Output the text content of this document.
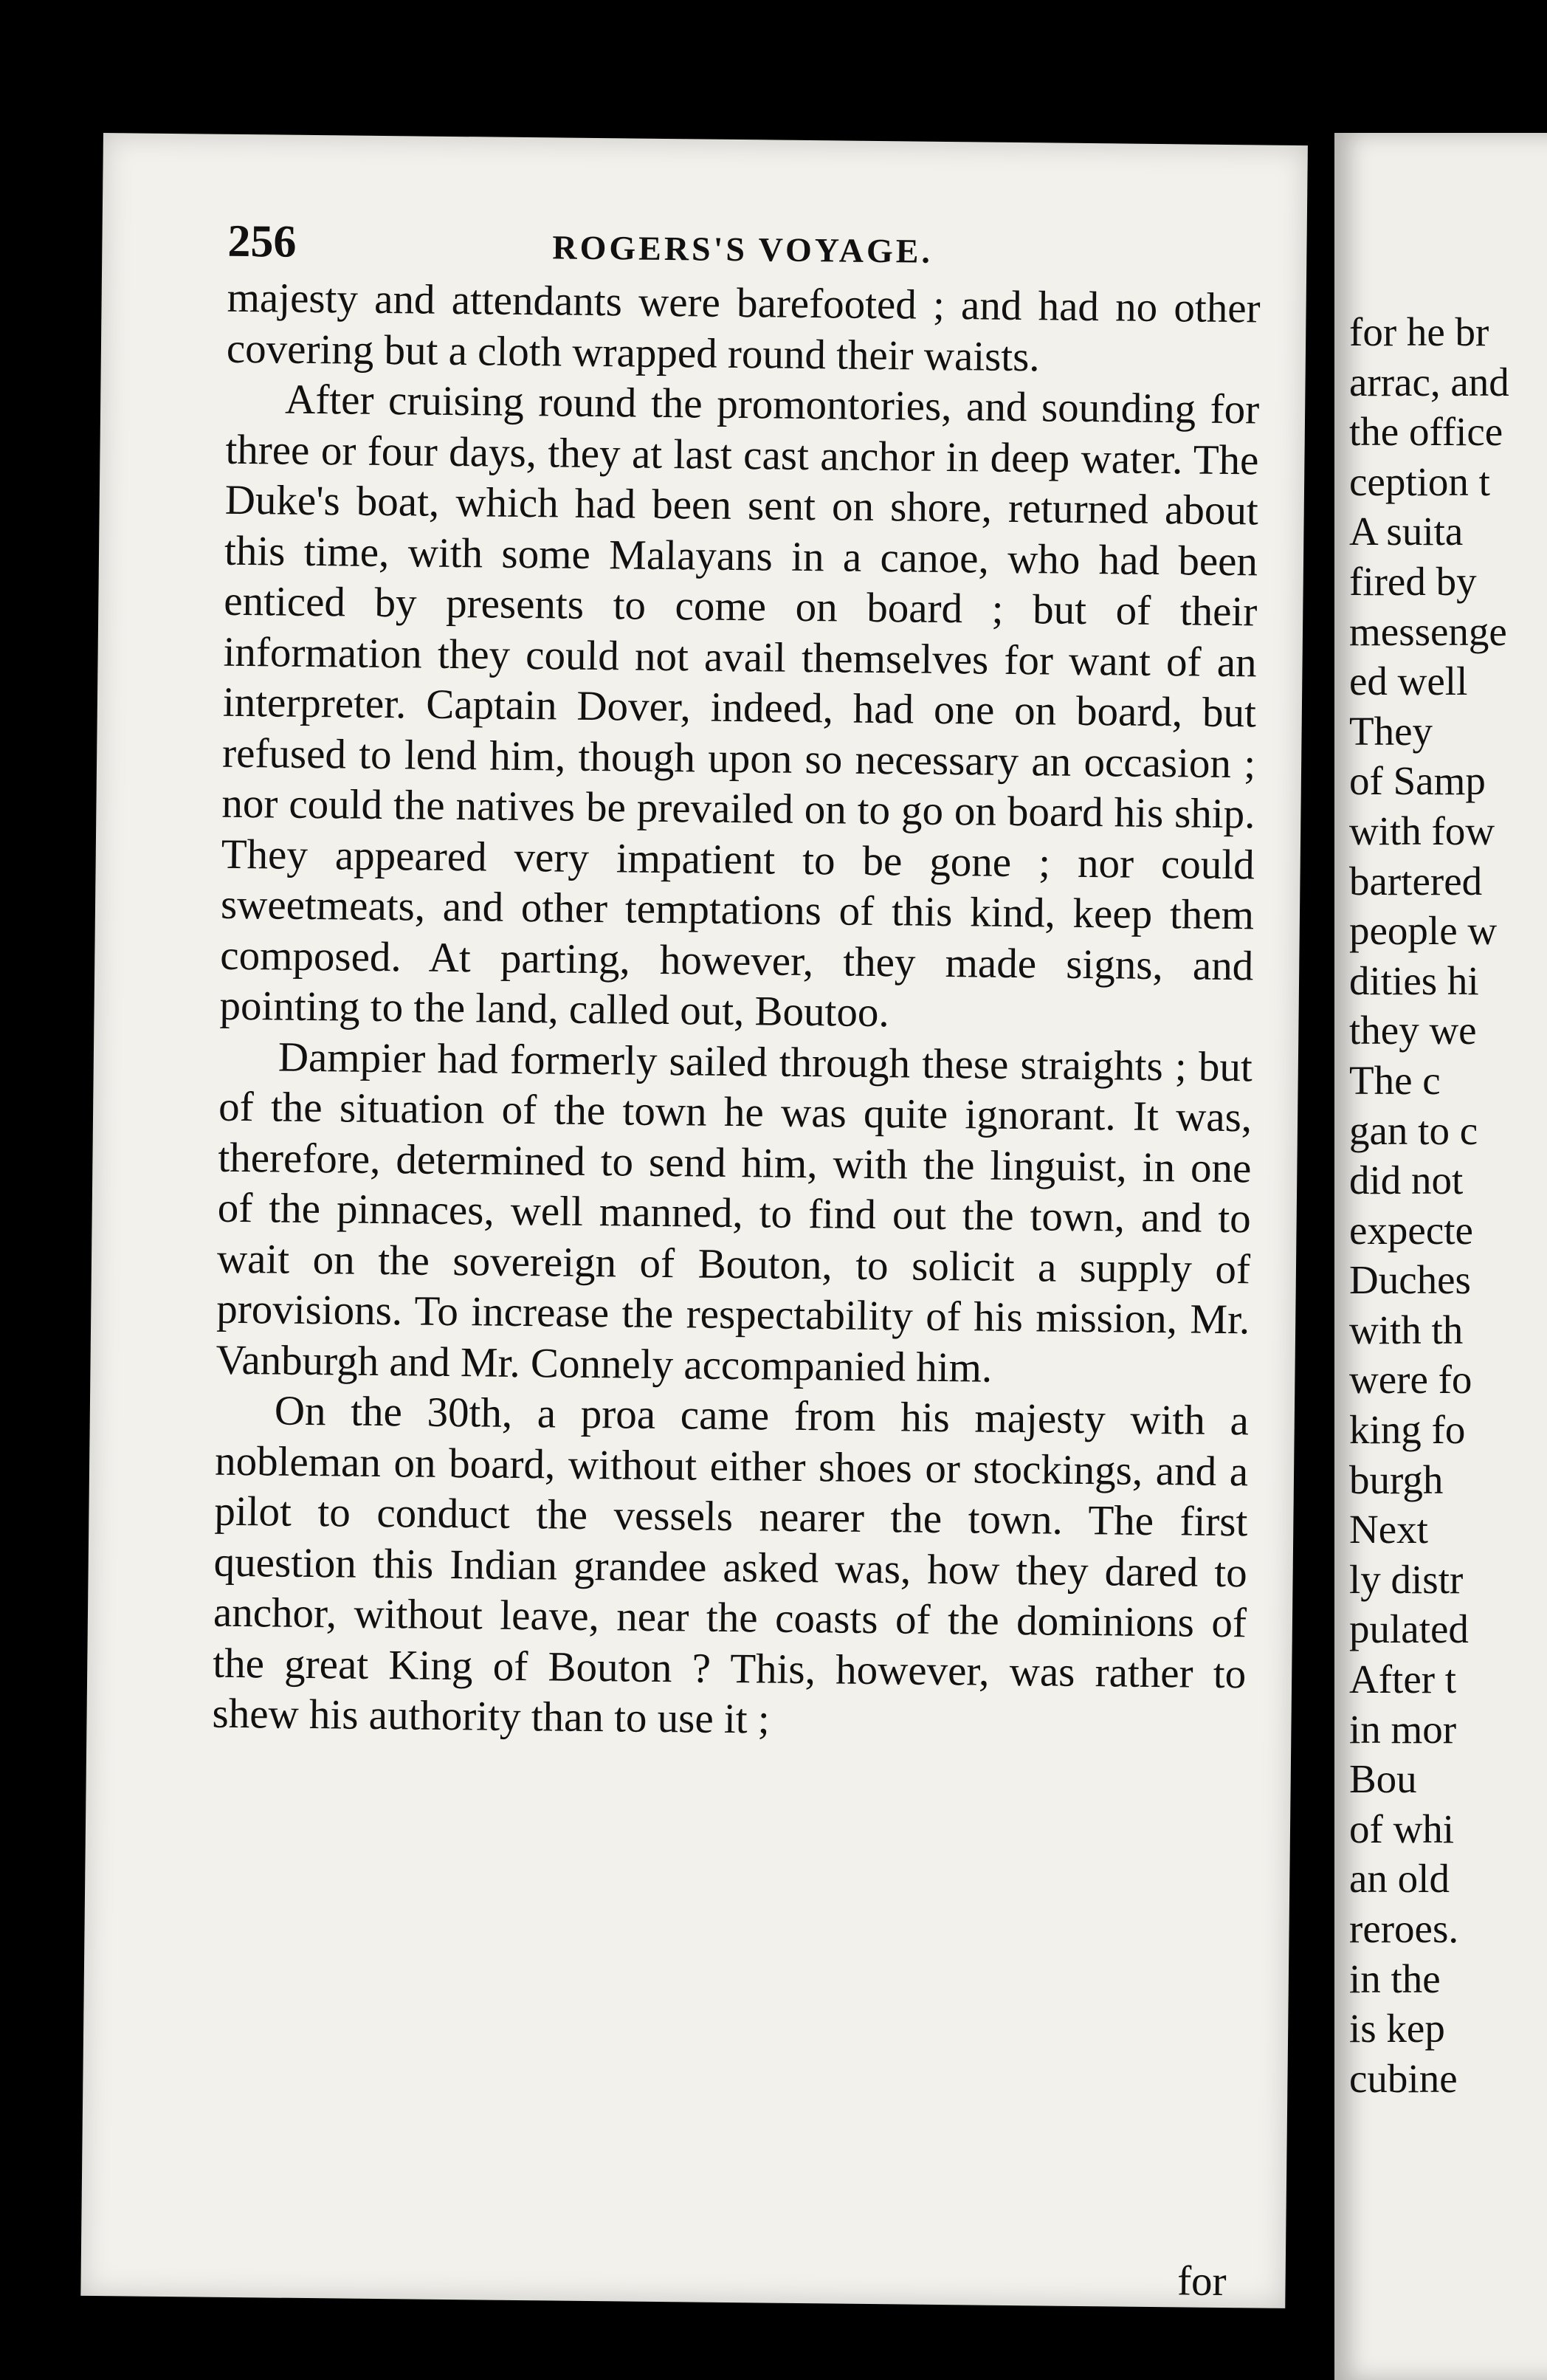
256	ROGERS'S VOYAGE.

majesty and attendants were barefooted ; and had no other covering but a cloth wrapped round their waists.

After cruising round the promontories, and sounding for three or four days, they at last cast anchor in deep water. The Duke's boat, which had been sent on shore, returned about this time, with some Malayans in a canoe, who had been enticed by presents to come on board ; but of their information they could not avail themselves for want of an interpreter. Captain Dover, indeed, had one on board, but refused to lend him, though upon so necessary an occasion ; nor could the natives be prevailed on to go on board his ship. They appeared very impatient to be gone ; nor could sweetmeats, and other temptations of this kind, keep them composed. At parting, however, they made signs, and pointing to the land, called out, Boutoo.

Dampier had formerly sailed through these straights ; but of the situation of the town he was quite ignorant. It was, therefore, determined to send him, with the linguist, in one of the pinnaces, well manned, to find out the town, and to wait on the sovereign of Bouton, to solicit a supply of provisions. To increase the respectability of his mission, Mr. Vanburgh and Mr. Connely accompanied him.

On the 30th, a proa came from his majesty with a nobleman on board, without either shoes or stockings, and a pilot to conduct the vessels nearer the town. The first question this Indian grandee asked was, how they dared to anchor, without leave, near the coasts of the dominions of the great King of Bouton ? This, however, was rather to shew his authority than to use it ;

for
for he br
arrac, and
the office
ception t
A suita
fired by
messenge
ed well
They
of Samp
with fow
bartered
people w
dities hi
they we
The c
gan to c
did not
expecte
Duches
with th
were fo
king fo
burgh
Next
ly distr
pulated
After t
in mor
Bou
of whi
an old
reroes.
in the
is kep
cubine
